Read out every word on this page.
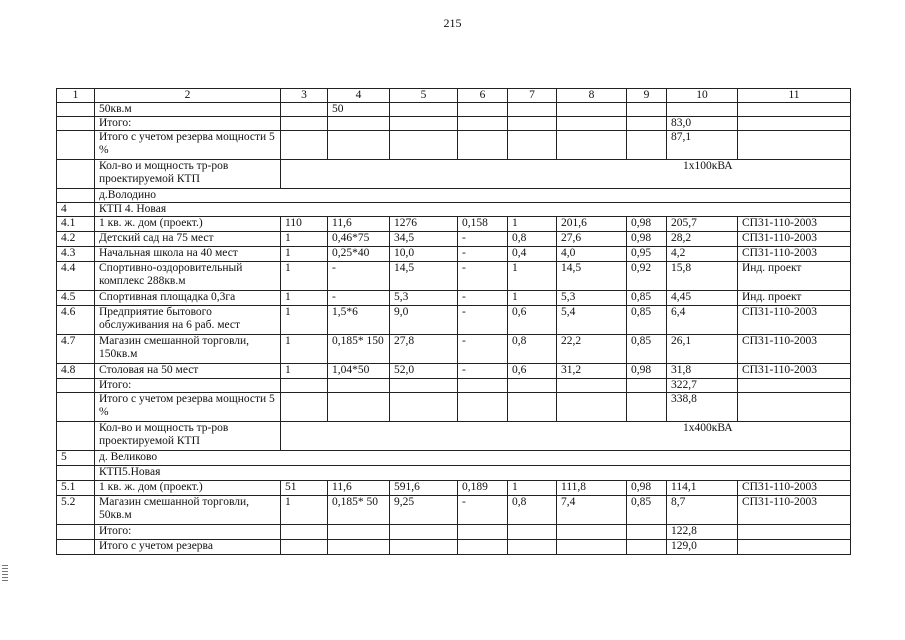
215
1	2	3	4	5	6	7	8	9	10	11
	50кв.м		50							
	Итого:								83,0	
	Итого с учетом резерва мощности 5 %								87,1	
	Кол-во и мощность тр-ров проектируемой КТП	1x100кВА								
	д.Володино									
4	КТП 4. Новая									
4.1	1 кв. ж. дом (проект.)	110	11,6	1276	0,158	1	201,6	0,98	205,7	СП31-110-2003
4.2	Детский сад на 75 мест	1	0,46*75	34,5	-	0,8	27,6	0,98	28,2	СП31-110-2003
4.3	Начальная школа на 40 мест	1	0,25*40	10,0	-	0,4	4,0	0,95	4,2	СП31-110-2003
4.4	Спортивно-оздоровительный комплекс 288кв.м	1	-	14,5	-	1	14,5	0,92	15,8	Инд. проект
4.5	Спортивная площадка 0,3га	1	-	5,3	-	1	5,3	0,85	4,45	Инд. проект
4.6	Предприятие бытового обслуживания на 6 раб. мест	1	1,5*6	9,0	-	0,6	5,4	0,85	6,4	СП31-110-2003
4.7	Магазин смешанной торговли, 150кв.м	1	0,185* 150	27,8	-	0,8	22,2	0,85	26,1	СП31-110-2003
4.8	Столовая на 50 мест	1	1,04*50	52,0	-	0,6	31,2	0,98	31,8	СП31-110-2003
	Итого:								322,7	
	Итого с учетом резерва мощности 5 %								338,8	
	Кол-во и мощность тр-ров проектируемой КТП	1x400кВА								
5	д. Великово									
	КТП5.Новая									
5.1	1 кв. ж. дом (проект.)	51	11,6	591,6	0,189	1	111,8	0,98	114,1	СП31-110-2003
5.2	Магазин смешанной торговли, 50кв.м	1	0,185* 50	9,25	-	0,8	7,4	0,85	8,7	СП31-110-2003
	Итого:								122,8	
	Итого с учетом резерва								129,0	
